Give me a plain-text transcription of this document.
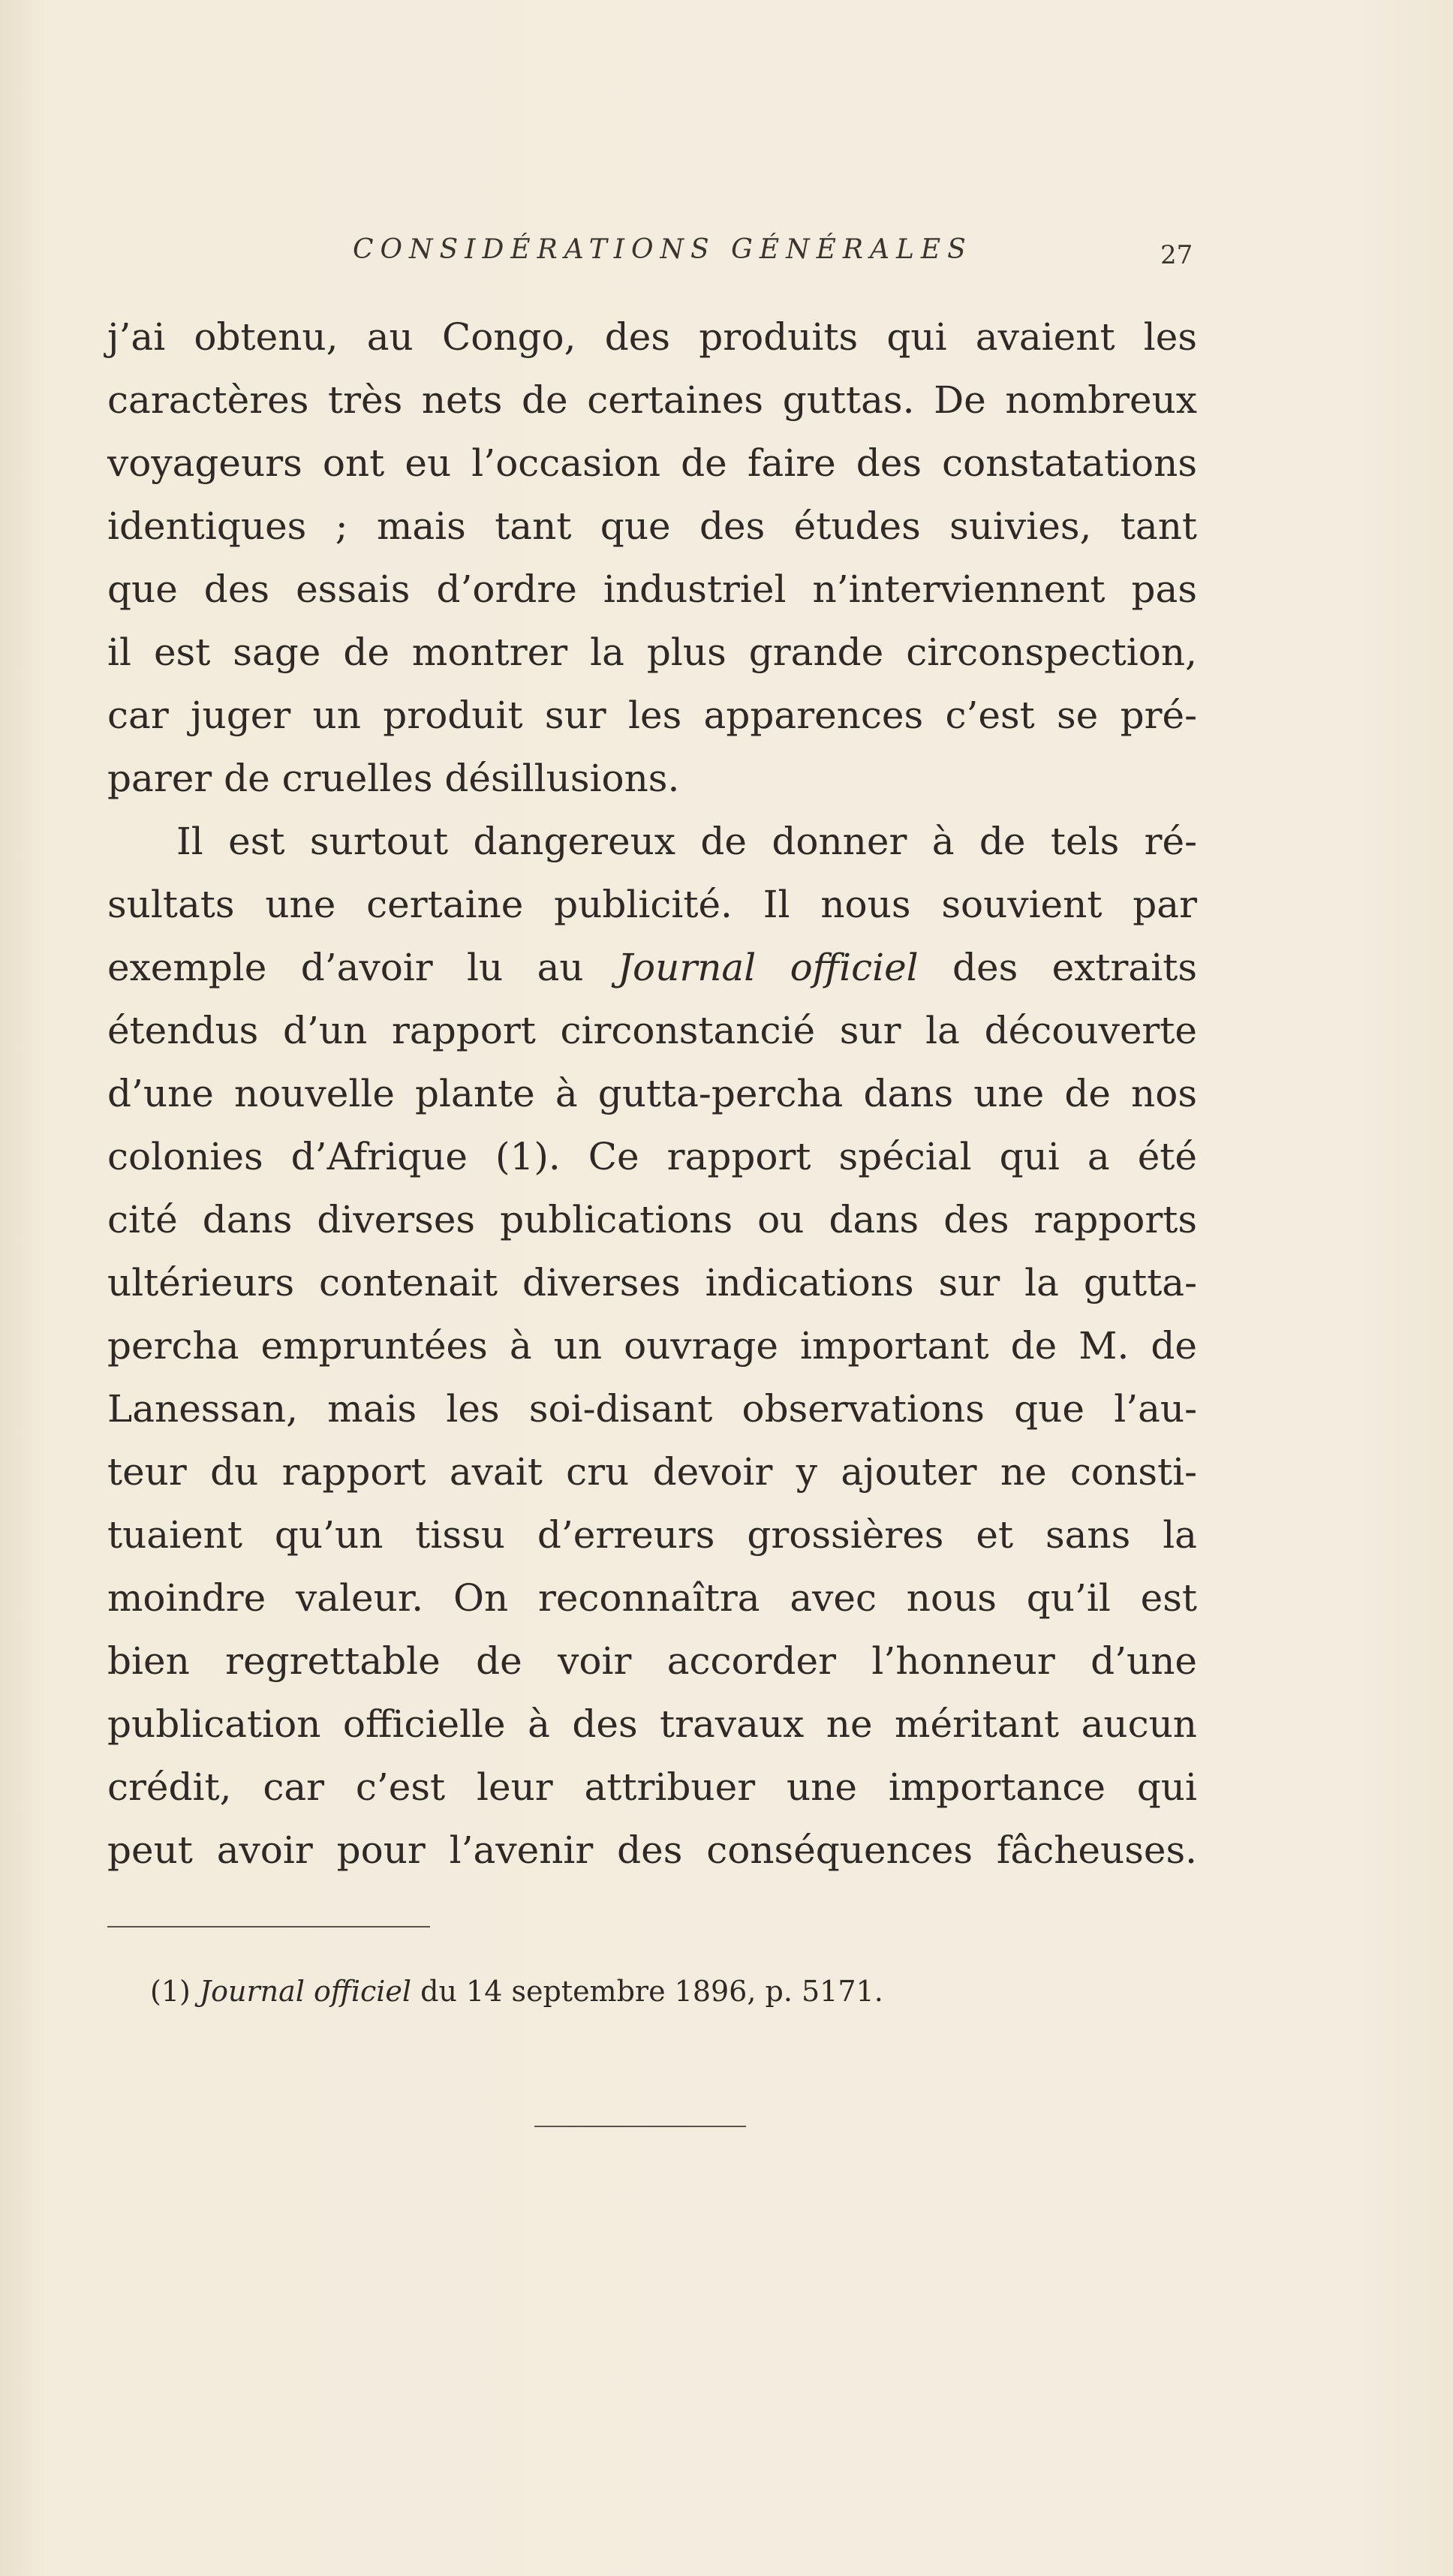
CONSIDÉRATIONS GÉNÉRALES	27
j’ai obtenu, au Congo, des produits qui avaient les
caractères très nets de certaines guttas. De nombreux
voyageurs ont eu l’occasion de faire des constatations
identiques ; mais tant que des études suivies, tant
que des essais d’ordre industriel n’interviennent pas
il est sage de montrer la plus grande circonspection,
car juger un produit sur les apparences c’est se pré-
parer de cruelles désillusions.
Il est surtout dangereux de donner à de tels ré-
sultats une certaine publicité. Il nous souvient par
exemple d’avoir lu au Journal officiel des extraits
étendus d’un rapport circonstancié sur la découverte
d’une nouvelle plante à gutta-percha dans une de nos
colonies d’Afrique (1). Ce rapport spécial qui a été
cité dans diverses publications ou dans des rapports
ultérieurs contenait diverses indications sur la gutta-
percha empruntées à un ouvrage important de M. de
Lanessan, mais les soi-disant observations que l’au-
teur du rapport avait cru devoir y ajouter ne consti-
tuaient qu’un tissu d’erreurs grossières et sans la
moindre valeur. On reconnaîtra avec nous qu’il est
bien regrettable de voir accorder l’honneur d’une
publication officielle à des travaux ne méritant aucun
crédit, car c’est leur attribuer une importance qui
peut avoir pour l’avenir des conséquences fâcheuses.
(1) Journal officiel du 14 septembre 1896, p. 5171.
